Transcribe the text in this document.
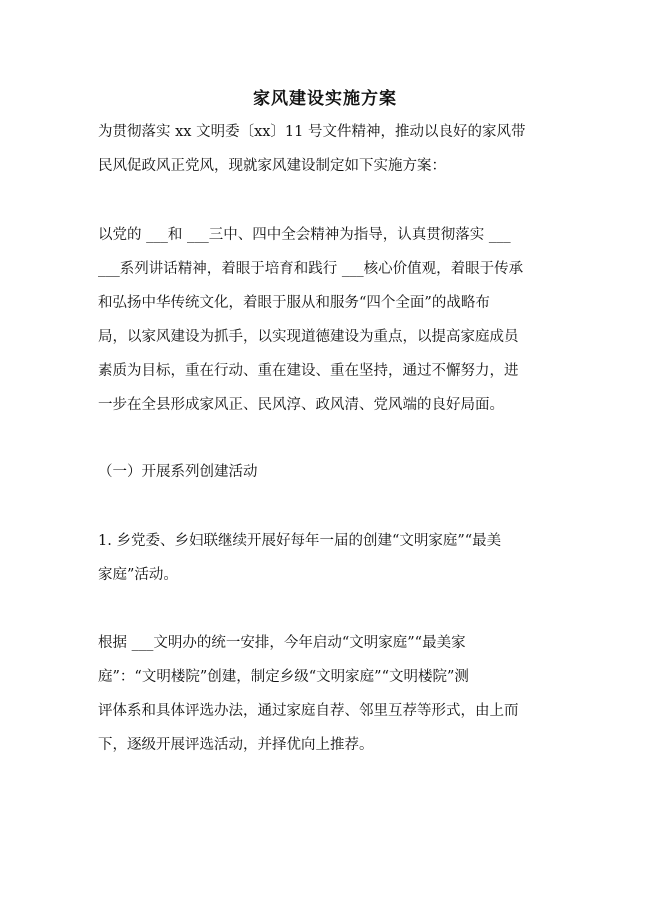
家风建设实施方案
为贯彻落实 xx 文明委〔xx〕11 号文件精神，推动以良好的家风带
民风促政风正党风，现就家风建设制定如下实施方案：
以党的 ___和 ___三中、四中全会精神为指导，认真贯彻落实 ___
___系列讲话精神，着眼于培育和践行 ___核心价值观，着眼于传承
和弘扬中华传统文化，着眼于服从和服务“四个全面”的战略布
局，以家风建设为抓手，以实现道德建设为重点，以提高家庭成员
素质为目标，重在行动、重在建设、重在坚持，通过不懈努力，进
一步在全县形成家风正、民风淳、政风清、党风端的良好局面。
（一）开展系列创建活动
1. 乡党委、乡妇联继续开展好每年一届的创建“文明家庭”“最美
家庭”活动。
根据 ___文明办的统一安排，今年启动“文明家庭”“最美家
庭”：“文明楼院”创建，制定乡级“文明家庭”“文明楼院”测
评体系和具体评选办法，通过家庭自荐、邻里互荐等形式，由上而
下，逐级开展评选活动，并择优向上推荐。
